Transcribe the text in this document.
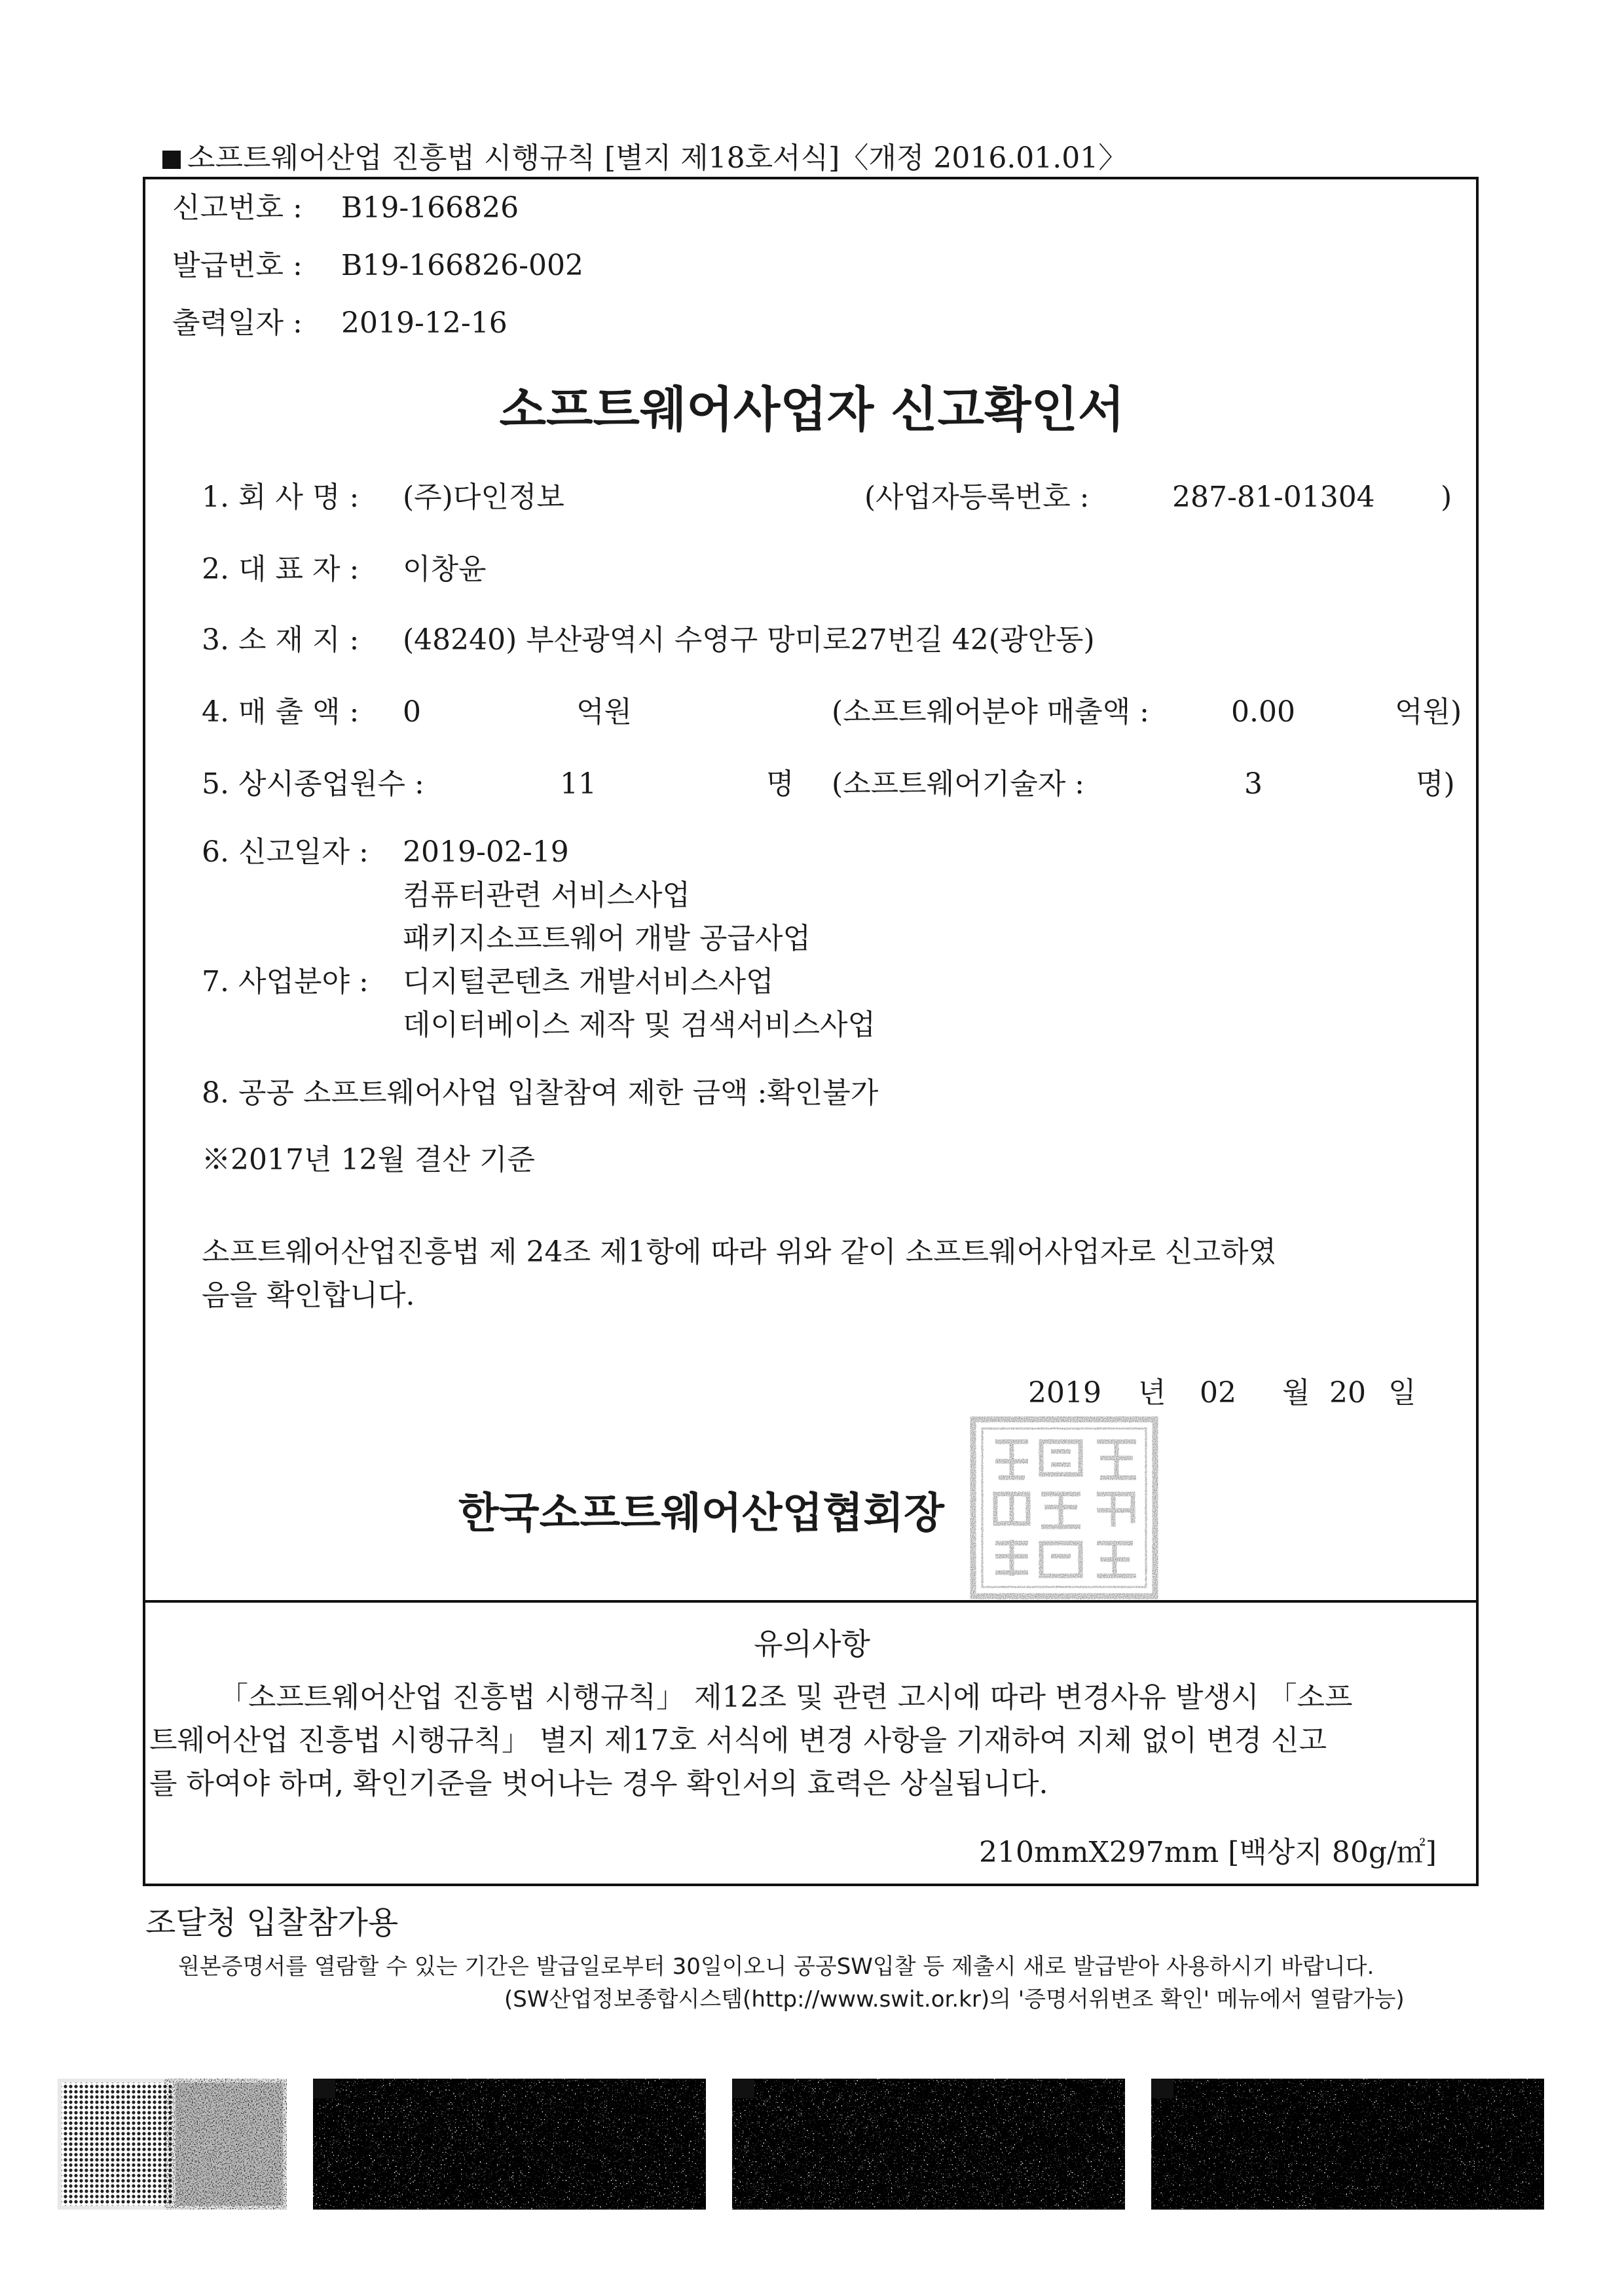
소프트웨어산업 진흥법 시행규칙 [별지 제18호서식]〈개정 2016.01.01〉
신고번호 : B19-166826
발급번호 : B19-166826-002
출력일자 : 2019-12-16
소프트웨어사업자 신고확인서
1. 회 사 명 : (주)다인정보	(사업자등록번호 :	287-81-01304 )
2. 대 표 자 : 이창윤
3. 소 재 지 : (48240) 부산광역시 수영구 망미로27번길 42(광안동)
4. 매 출 액 : 0	억원	(소프트웨어분야 매출액 :	0.00	억원)
5. 상시종업원수 :	11	명 (소프트웨어기술자 :	3	명)
6. 신고일자 : 2019-02-19
컴퓨터관련 서비스사업
패키지소프트웨어 개발 공급사업
7. 사업분야 : 디지털콘텐츠 개발서비스사업
데이터베이스 제작 및 검색서비스사업
8. 공공 소프트웨어사업 입찰참여 제한 금액 :확인불가
※2017년 12월 결산 기준
소프트웨어산업진흥법 제 24조 제1항에 따라 위와 같이 소프트웨어사업자로 신고하였
음을 확인합니다.
2019 년 02 월 20 일
한국소프트웨어산업협회장
유의사항
「소프트웨어산업 진흥법 시행규칙」 제12조 및 관련 고시에 따라 변경사유 발생시 「소프
트웨어산업 진흥법 시행규칙」 별지 제17호 서식에 변경 사항을 기재하여 지체 없이 변경 신고
를 하여야 하며, 확인기준을 벗어나는 경우 확인서의 효력은 상실됩니다.
210mmX297mm [백상지 80g/㎡]
조달청 입찰참가용
원본증명서를 열람할 수 있는 기간은 발급일로부터 30일이오니 공공SW입찰 등 제출시 새로 발급받아 사용하시기 바랍니다.
(SW산업정보종합시스템(http://www.swit.or.kr)의 '증명서위변조 확인' 메뉴에서 열람가능)
